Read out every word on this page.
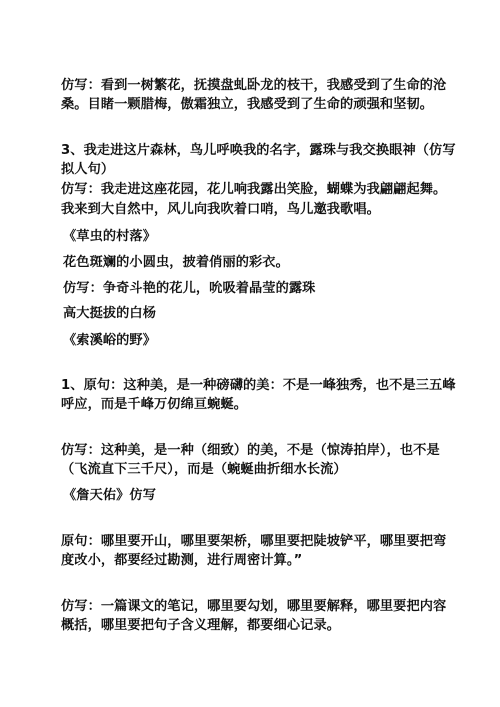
仿写：看到一树繁花，抚摸盘虬卧龙的枝干，我感受到了生命的沧
桑。目睹一颗腊梅，傲霜独立，我感受到了生命的顽强和坚韧。
3、我走进这片森林，鸟儿呼唤我的名字，露珠与我交换眼神（仿写
拟人句）
仿写：我走进这座花园，花儿响我露出笑脸，蝴蝶为我翩翩起舞。
我来到大自然中，风儿向我吹着口哨，鸟儿邀我歌唱。
《草虫的村落》
花色斑斓的小圆虫，披着俏丽的彩衣。
仿写：争奇斗艳的花儿，吮吸着晶莹的露珠
高大挺拔的白杨
《索溪峪的野》
1、原句：这种美，是一种磅礴的美：不是一峰独秀，也不是三五峰
呼应，而是千峰万仞绵亘蜿蜒。
仿写：这种美，是一种（细致）的美，不是（惊涛拍岸），也不是
（飞流直下三千尺），而是（蜿蜒曲折细水长流）
《詹天佑》仿写
原句：哪里要开山，哪里要架桥，哪里要把陡坡铲平，哪里要把弯
度改小，都要经过勘测，进行周密计算。”
仿写：一篇课文的笔记，哪里要勾划，哪里要解释，哪里要把内容
概括，哪里要把句子含义理解，都要细心记录。
